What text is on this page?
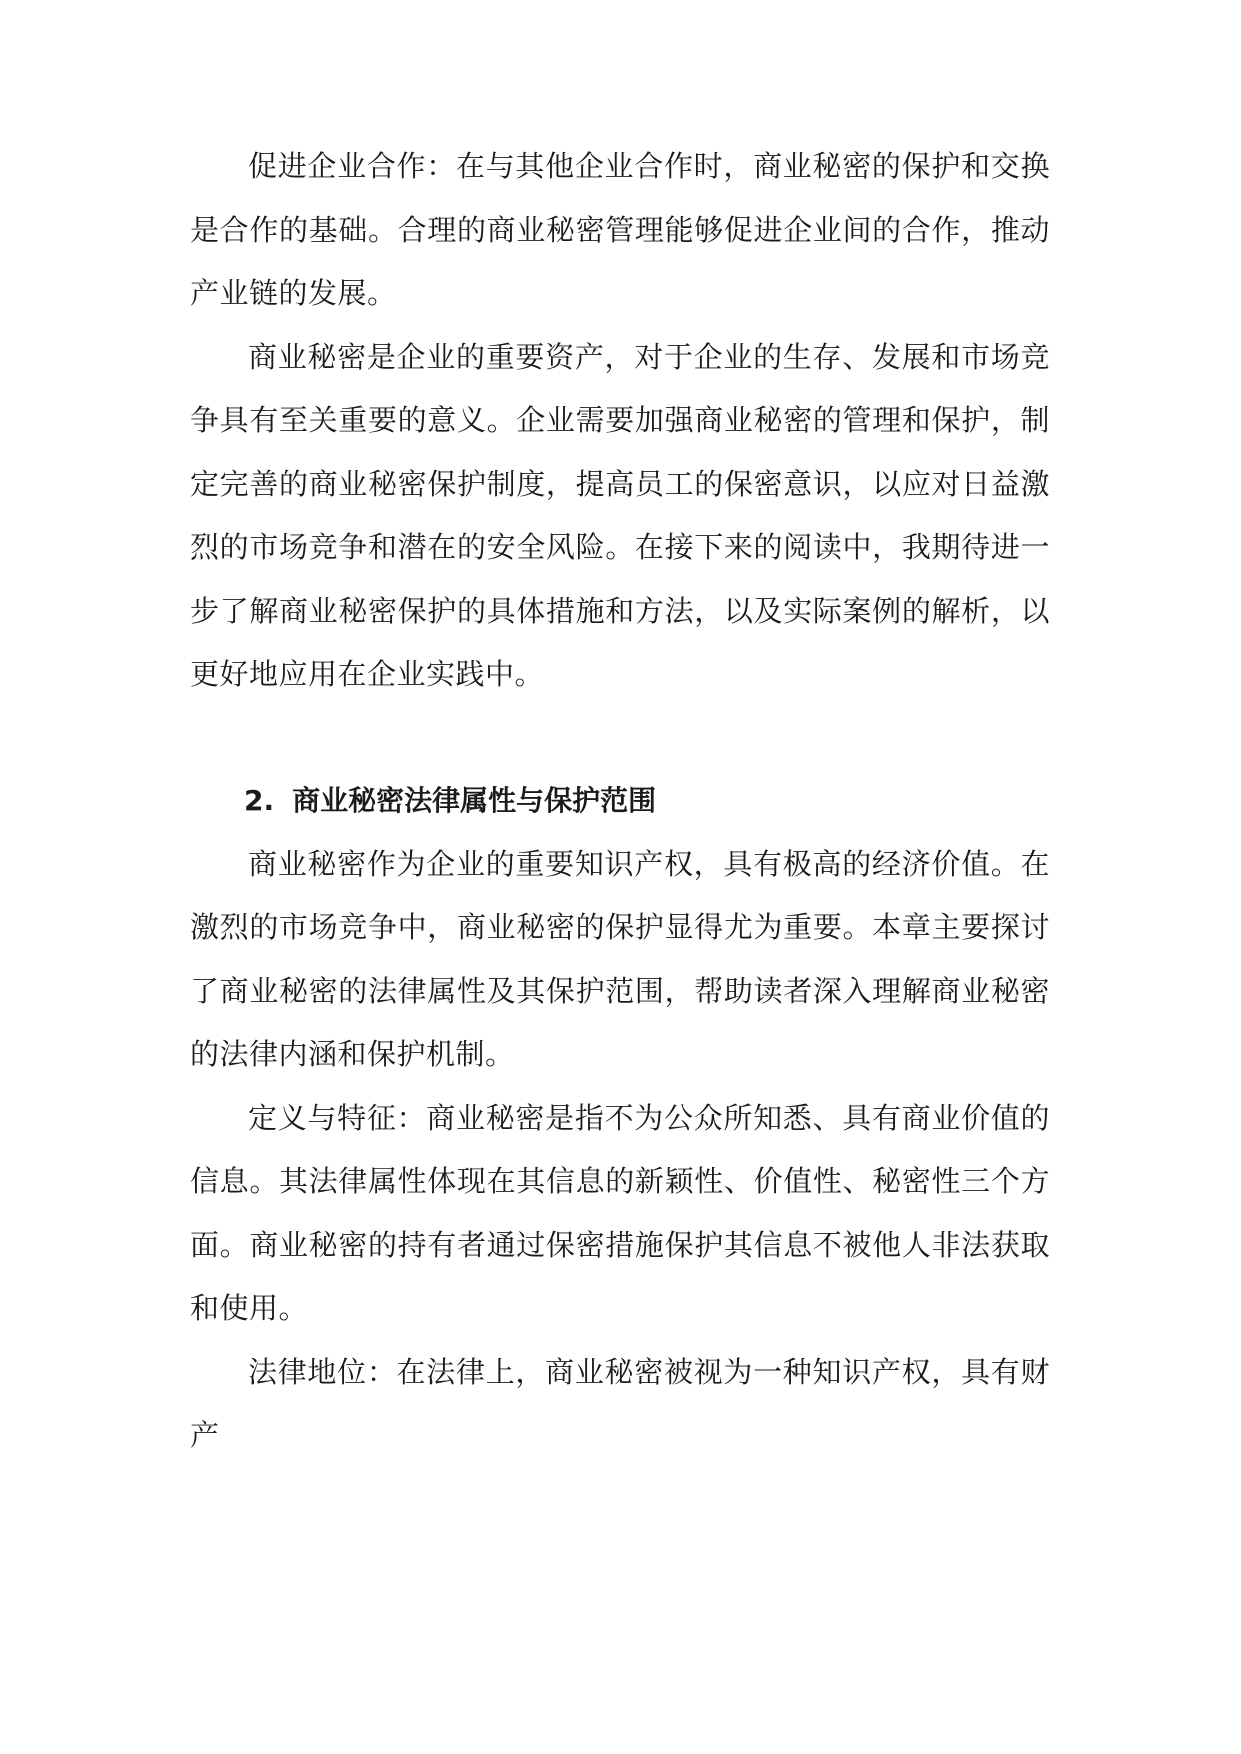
促进企业合作：在与其他企业合作时，商业秘密的保护和交换是合作的基础。合理的商业秘密管理能够促进企业间的合作，推动产业链的发展。

商业秘密是企业的重要资产，对于企业的生存、发展和市场竞争具有至关重要的意义。企业需要加强商业秘密的管理和保护，制定完善的商业秘密保护制度，提高员工的保密意识，以应对日益激烈的市场竞争和潜在的安全风险。在接下来的阅读中，我期待进一步了解商业秘密保护的具体措施和方法，以及实际案例的解析，以更好地应用在企业实践中。

2. 商业秘密法律属性与保护范围

商业秘密作为企业的重要知识产权，具有极高的经济价值。在激烈的市场竞争中，商业秘密的保护显得尤为重要。本章主要探讨了商业秘密的法律属性及其保护范围，帮助读者深入理解商业秘密的法律内涵和保护机制。

定义与特征：商业秘密是指不为公众所知悉、具有商业价值的信息。其法律属性体现在其信息的新颖性、价值性、秘密性三个方面。商业秘密的持有者通过保密措施保护其信息不被他人非法获取和使用。

法律地位：在法律上，商业秘密被视为一种知识产权，具有财产
